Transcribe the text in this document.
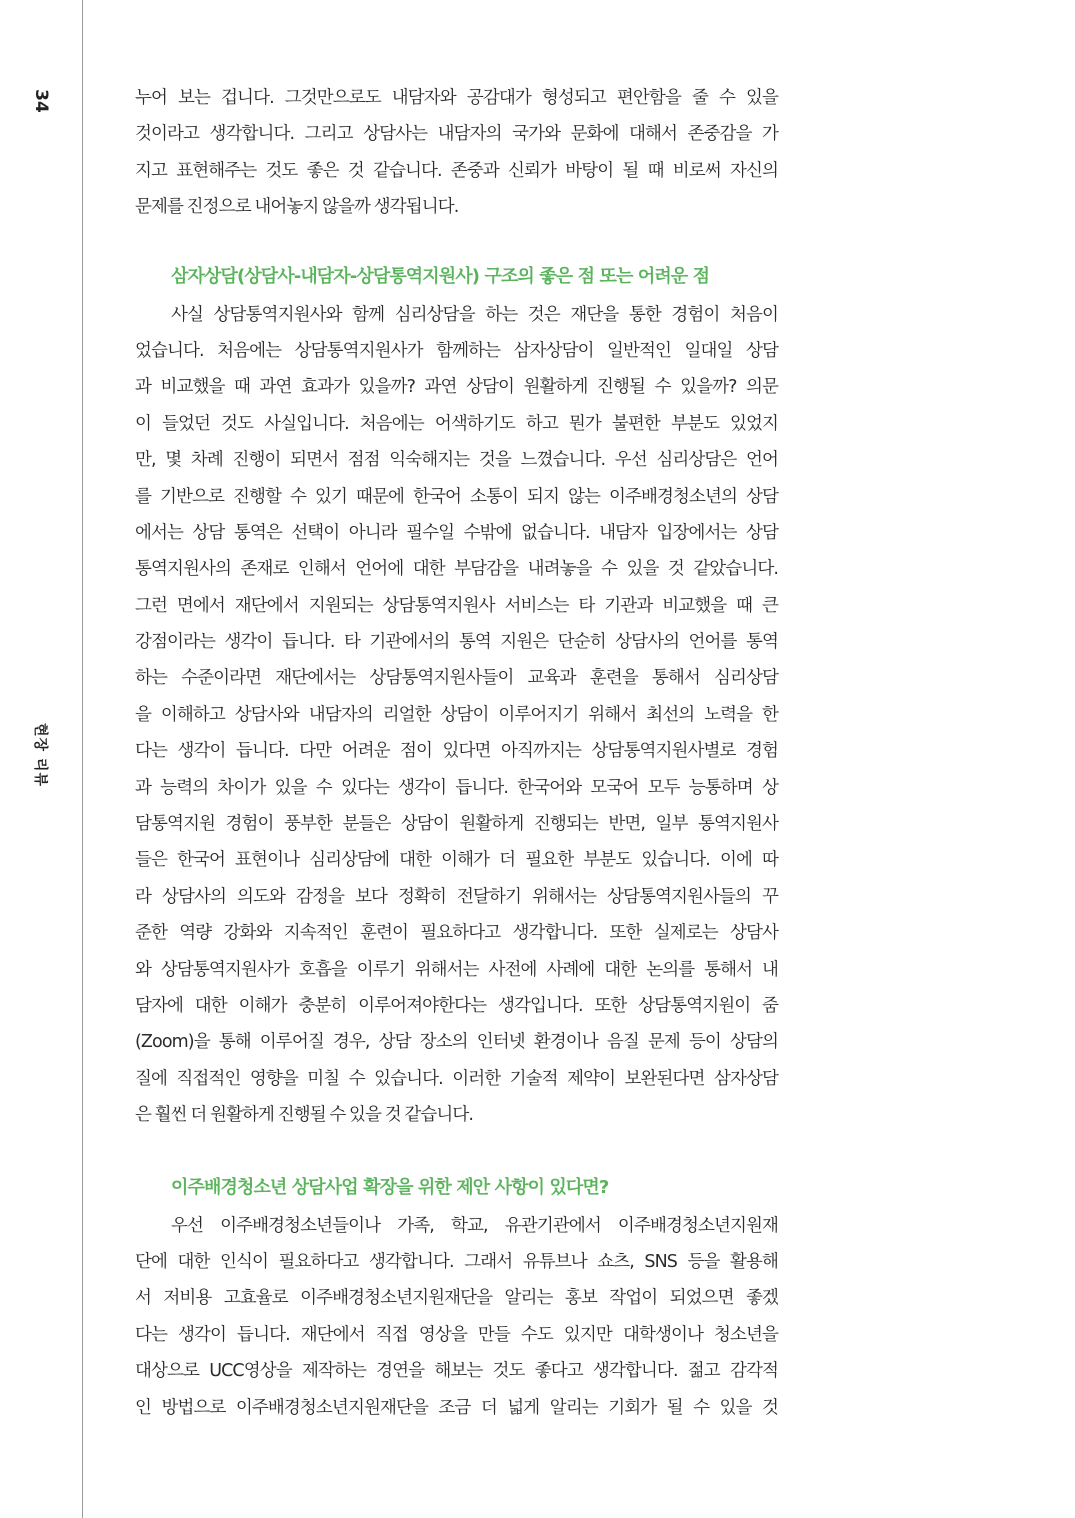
34
현장 리뷰
누어 보는 겁니다. 그것만으로도 내담자와 공감대가 형성되고 편안함을 줄 수 있을
것이라고 생각합니다. 그리고 상담사는 내담자의 국가와 문화에 대해서 존중감을 가
지고 표현해주는 것도 좋은 것 같습니다. 존중과 신뢰가 바탕이 될 때 비로써 자신의
문제를 진정으로 내어놓지 않을까 생각됩니다.
삼자상담(상담사-내담자-상담통역지원사) 구조의 좋은 점 또는 어려운 점
사실 상담통역지원사와 함께 심리상담을 하는 것은 재단을 통한 경험이 처음이
었습니다. 처음에는 상담통역지원사가 함께하는 삼자상담이 일반적인 일대일 상담
과 비교했을 때 과연 효과가 있을까? 과연 상담이 원활하게 진행될 수 있을까? 의문
이 들었던 것도 사실입니다. 처음에는 어색하기도 하고 뭔가 불편한 부분도 있었지
만, 몇 차례 진행이 되면서 점점 익숙해지는 것을 느꼈습니다. 우선 심리상담은 언어
를 기반으로 진행할 수 있기 때문에 한국어 소통이 되지 않는 이주배경청소년의 상담
에서는 상담 통역은 선택이 아니라 필수일 수밖에 없습니다. 내담자 입장에서는 상담
통역지원사의 존재로 인해서 언어에 대한 부담감을 내려놓을 수 있을 것 같았습니다.
그런 면에서 재단에서 지원되는 상담통역지원사 서비스는 타 기관과 비교했을 때 큰
강점이라는 생각이 듭니다. 타 기관에서의 통역 지원은 단순히 상담사의 언어를 통역
하는 수준이라면 재단에서는 상담통역지원사들이 교육과 훈련을 통해서 심리상담
을 이해하고 상담사와 내담자의 리얼한 상담이 이루어지기 위해서 최선의 노력을 한
다는 생각이 듭니다. 다만 어려운 점이 있다면 아직까지는 상담통역지원사별로 경험
과 능력의 차이가 있을 수 있다는 생각이 듭니다. 한국어와 모국어 모두 능통하며 상
담통역지원 경험이 풍부한 분들은 상담이 원활하게 진행되는 반면, 일부 통역지원사
들은 한국어 표현이나 심리상담에 대한 이해가 더 필요한 부분도 있습니다. 이에 따
라 상담사의 의도와 감정을 보다 정확히 전달하기 위해서는 상담통역지원사들의 꾸
준한 역량 강화와 지속적인 훈련이 필요하다고 생각합니다. 또한 실제로는 상담사
와 상담통역지원사가 호흡을 이루기 위해서는 사전에 사례에 대한 논의를 통해서 내
담자에 대한 이해가 충분히 이루어져야한다는 생각입니다. 또한 상담통역지원이 줌
(Zoom)을 통해 이루어질 경우, 상담 장소의 인터넷 환경이나 음질 문제 등이 상담의
질에 직접적인 영향을 미칠 수 있습니다. 이러한 기술적 제약이 보완된다면 삼자상담
은 훨씬 더 원활하게 진행될 수 있을 것 같습니다.
이주배경청소년 상담사업 확장을 위한 제안 사항이 있다면?
우선 이주배경청소년들이나 가족, 학교, 유관기관에서 이주배경청소년지원재
단에 대한 인식이 필요하다고 생각합니다. 그래서 유튜브나 쇼츠, SNS 등을 활용해
서 저비용 고효율로 이주배경청소년지원재단을 알리는 홍보 작업이 되었으면 좋겠
다는 생각이 듭니다. 재단에서 직접 영상을 만들 수도 있지만 대학생이나 청소년을
대상으로 UCC영상을 제작하는 경연을 해보는 것도 좋다고 생각합니다. 젊고 감각적
인 방법으로 이주배경청소년지원재단을 조금 더 넓게 알리는 기회가 될 수 있을 것
